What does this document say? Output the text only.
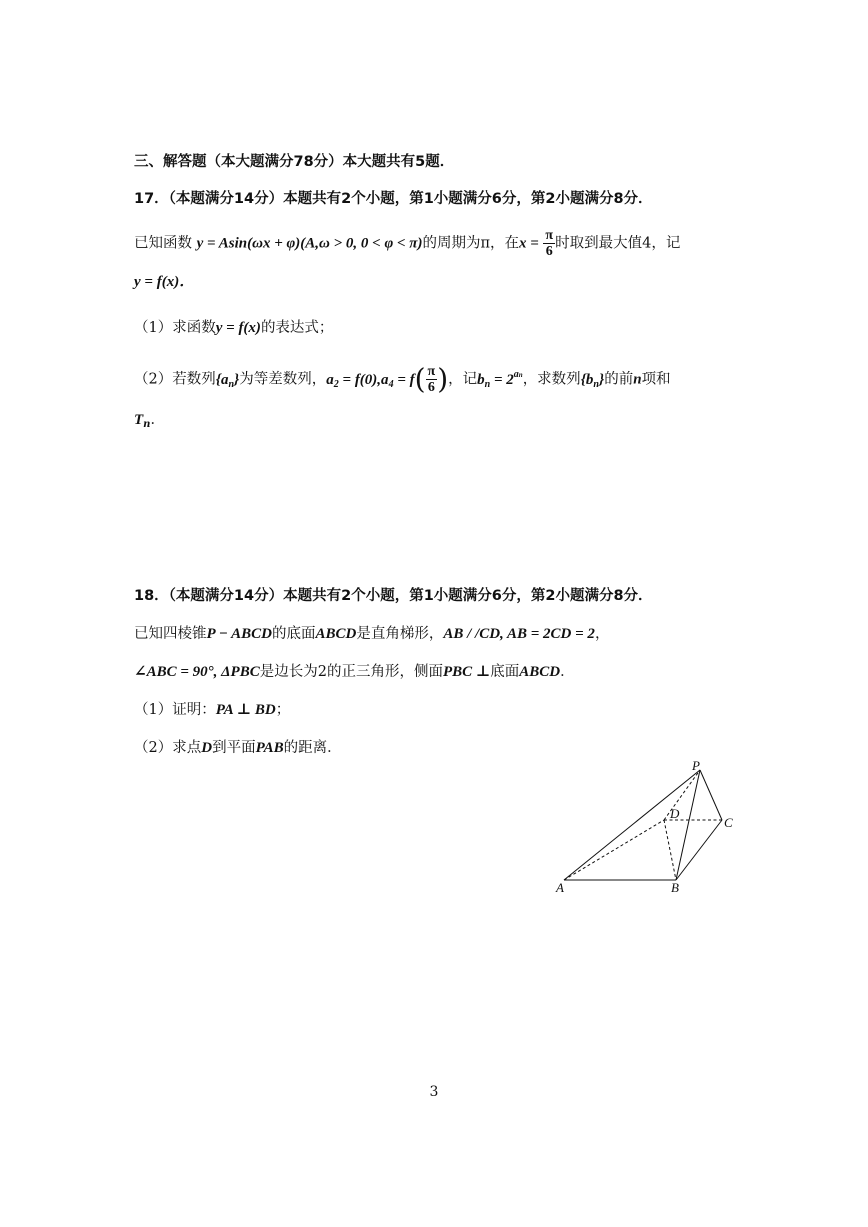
三、解答题（本大题满分78分）本大题共有5题．
17．（本题满分14分）本题共有2个小题，第1小题满分6分，第2小题满分8分．
已知函数 y = Asin(ωx + φ)(A,ω > 0, 0 < φ < π)的周期为π，在$x = \frac{\pi}{6}$ 时取到最大值4，记
y = f(x)．
（1）求函数y = f(x)的表达式；
（2）若数列$\{a_n\}$为等差数列，$a_2 = f(0),a_4 = f( \frac{\pi}{6}$ )，记$b_n = 2^{an}$，求数列$\{b_n\}$的前n项和
$T_n$．
18．（本题满分14分）本题共有2个小题，第1小题满分6分，第2小题满分8分．
已知四棱锥P − ABCD的底面ABCD是直角梯形，AB / /CD, AB = 2CD = 2，
∠ABC = 90°, ΔPBC是边长为2的正三角形，侧面PBC ⊥底面ABCD．
（1）证明：PA ⊥ BD；
（2）求点D到平面PAB的距离．
P
D
C
A	B
3
